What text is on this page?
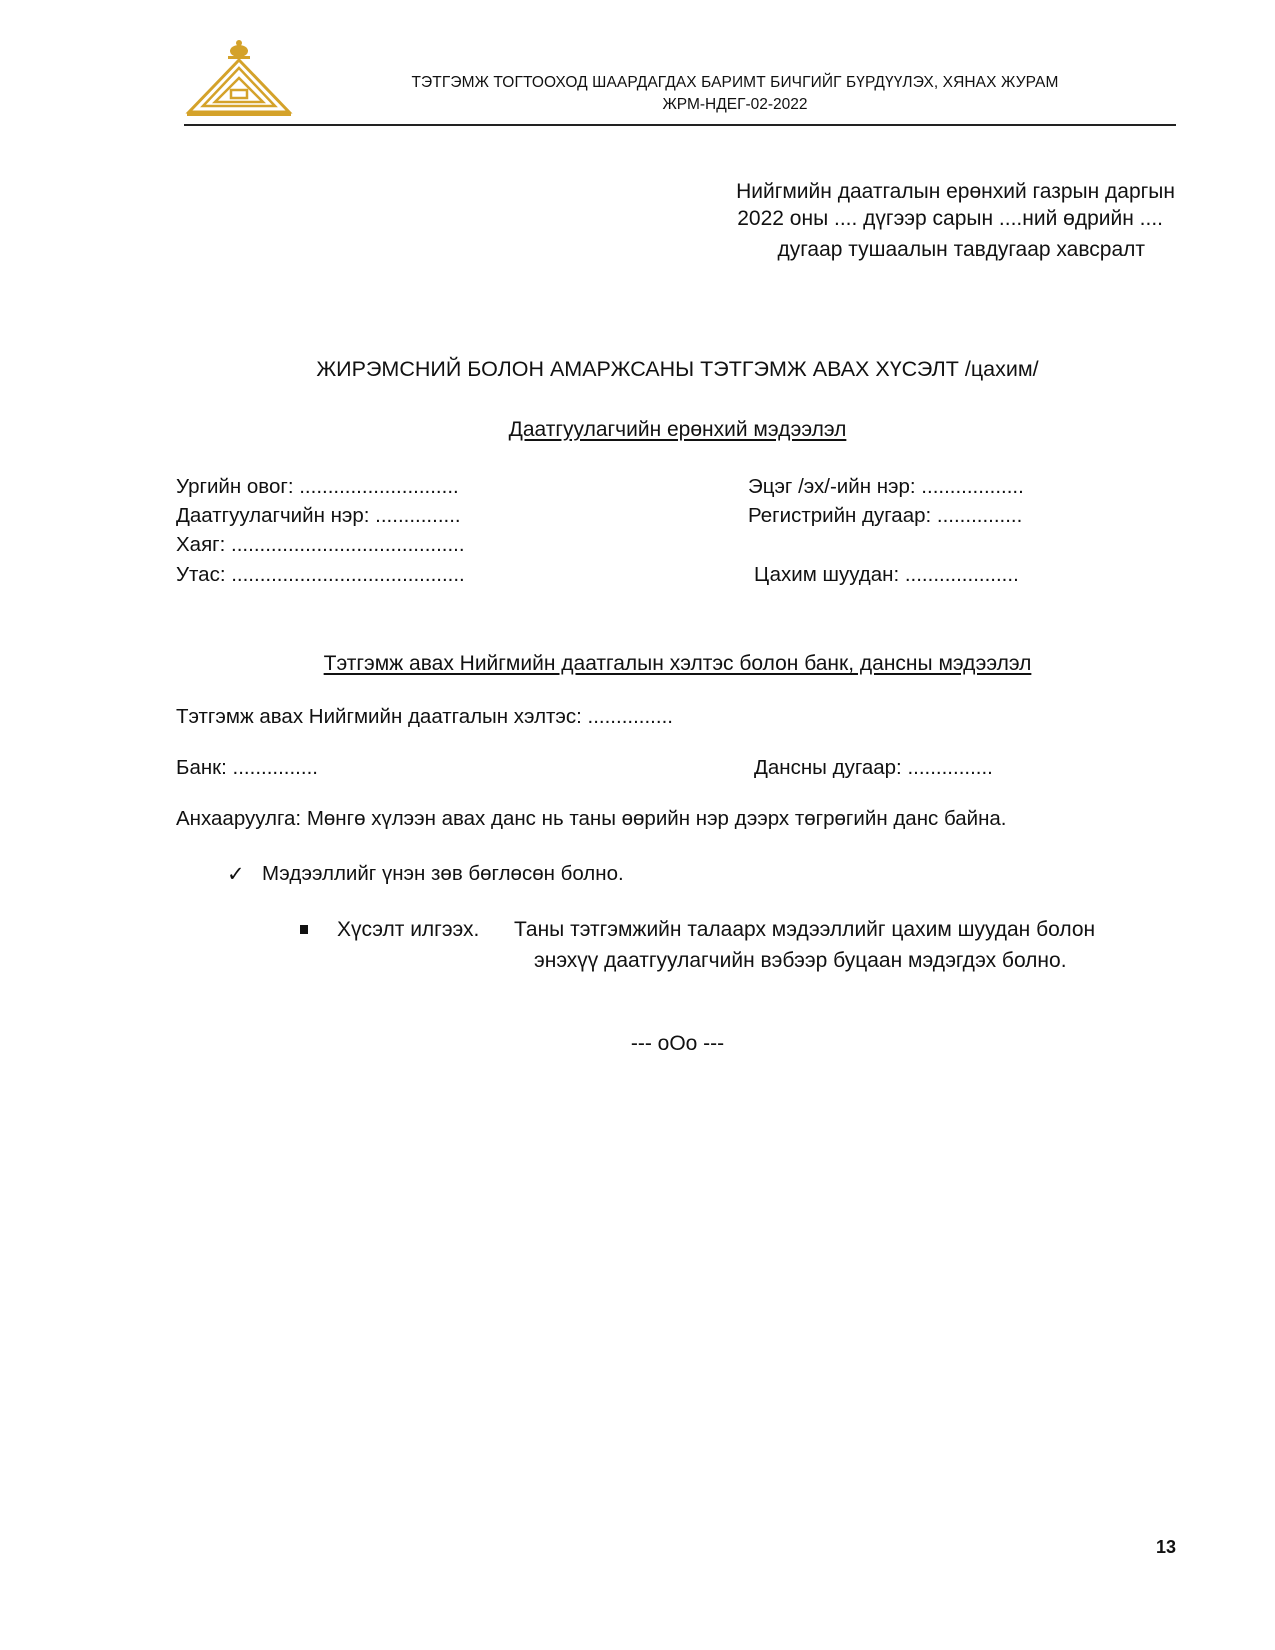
ТЭТГЭМЖ ТОГТООХОД ШААРДАГДАХ БАРИМТ БИЧГИЙГ БҮРДҮҮЛЭХ, ХЯНАХ ЖУРАМ
ЖРМ-НДЕГ-02-2022
Нийгмийн даатгалын ерөнхий газрын даргын
2022 оны .... дүгээр сарын ....ний өдрийн ....
дугаар тушаалын тавдугаар хавсралт
ЖИРЭМСНИЙ БОЛОН АМАРЖСАНЫ ТЭТГЭМЖ АВАХ ХҮСЭЛТ /цахим/
Даатгуулагчийн ерөнхий мэдээлэл
Ургийн овог: ............................	Эцэг /эх/-ийн нэр: ..................
Даатгуулагчийн нэр: ...............	Регистрийн дугаар: ...............
Хаяг: .........................................
Утас: .........................................	Цахим шуудан: ....................
Тэтгэмж авах Нийгмийн даатгалын хэлтэс болон банк, дансны мэдээлэл
Тэтгэмж авах Нийгмийн даатгалын хэлтэс: ...............
Банк: ...............	Дансны дугаар: ...............
Анхааруулга: Мөнгө хүлээн авах данс нь таны өөрийн нэр дээрх төгрөгийн данс байна.
✓ Мэдээллийг үнэн зөв бөглөсөн болно.
Хүсэлт илгээх. Таны тэтгэмжийн талаарх мэдээллийг цахим шуудан болон
энэхүү даатгуулагчийн вэбээр буцаан мэдэгдэх болно.
--- oOo ---
13
